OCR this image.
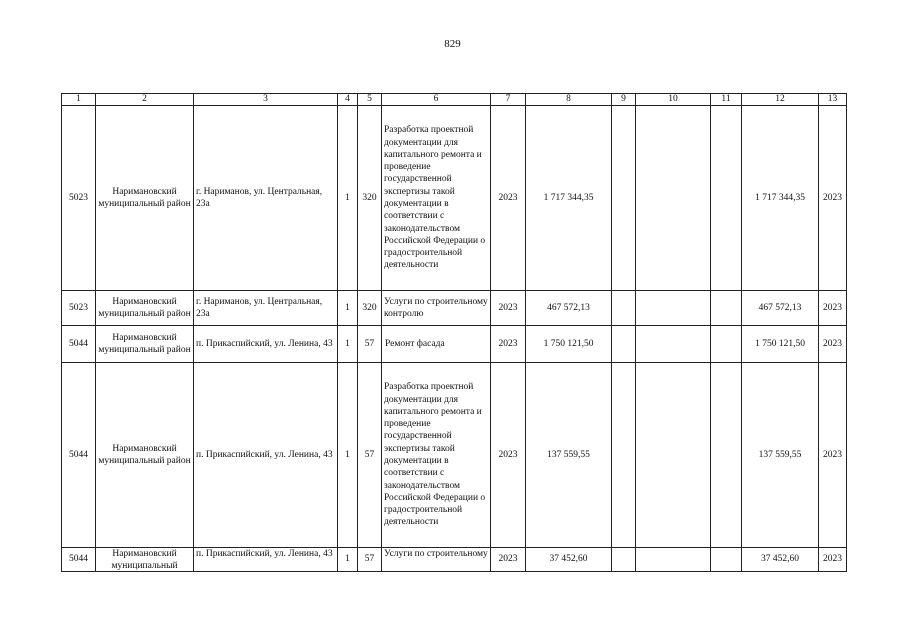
829
1	2	3	4	5	6	7	8	9	10	11	12	13
5023	Наримановский муниципальный район	г. Нариманов, ул. Центральная, 23а	1	320	Разработка проектной документации для капитального ремонта и проведение государственной экспертизы такой документации в соответствии с законодательством Российской Федерации о градостроительной деятельности	2023	1 717 344,35				1 717 344,35	2023
5023	Наримановский муниципальный район	г. Нариманов, ул. Центральная, 23а	1	320	Услуги по строительному контролю	2023	467 572,13				467 572,13	2023
5044	Наримановский муниципальный район	п. Прикаспийский, ул. Ленина, 43	1	57	Ремонт фасада	2023	1 750 121,50				1 750 121,50	2023
5044	Наримановский муниципальный район	п. Прикаспийский, ул. Ленина, 43	1	57	Разработка проектной документации для капитального ремонта и проведение государственной экспертизы такой документации в соответствии с законодательством Российской Федерации о градостроительной деятельности	2023	137 559,55				137 559,55	2023
5044	Наримановский муниципальный	п. Прикаспийский, ул. Ленина, 43	1	57	Услуги по строительному	2023	37 452,60				37 452,60	2023
